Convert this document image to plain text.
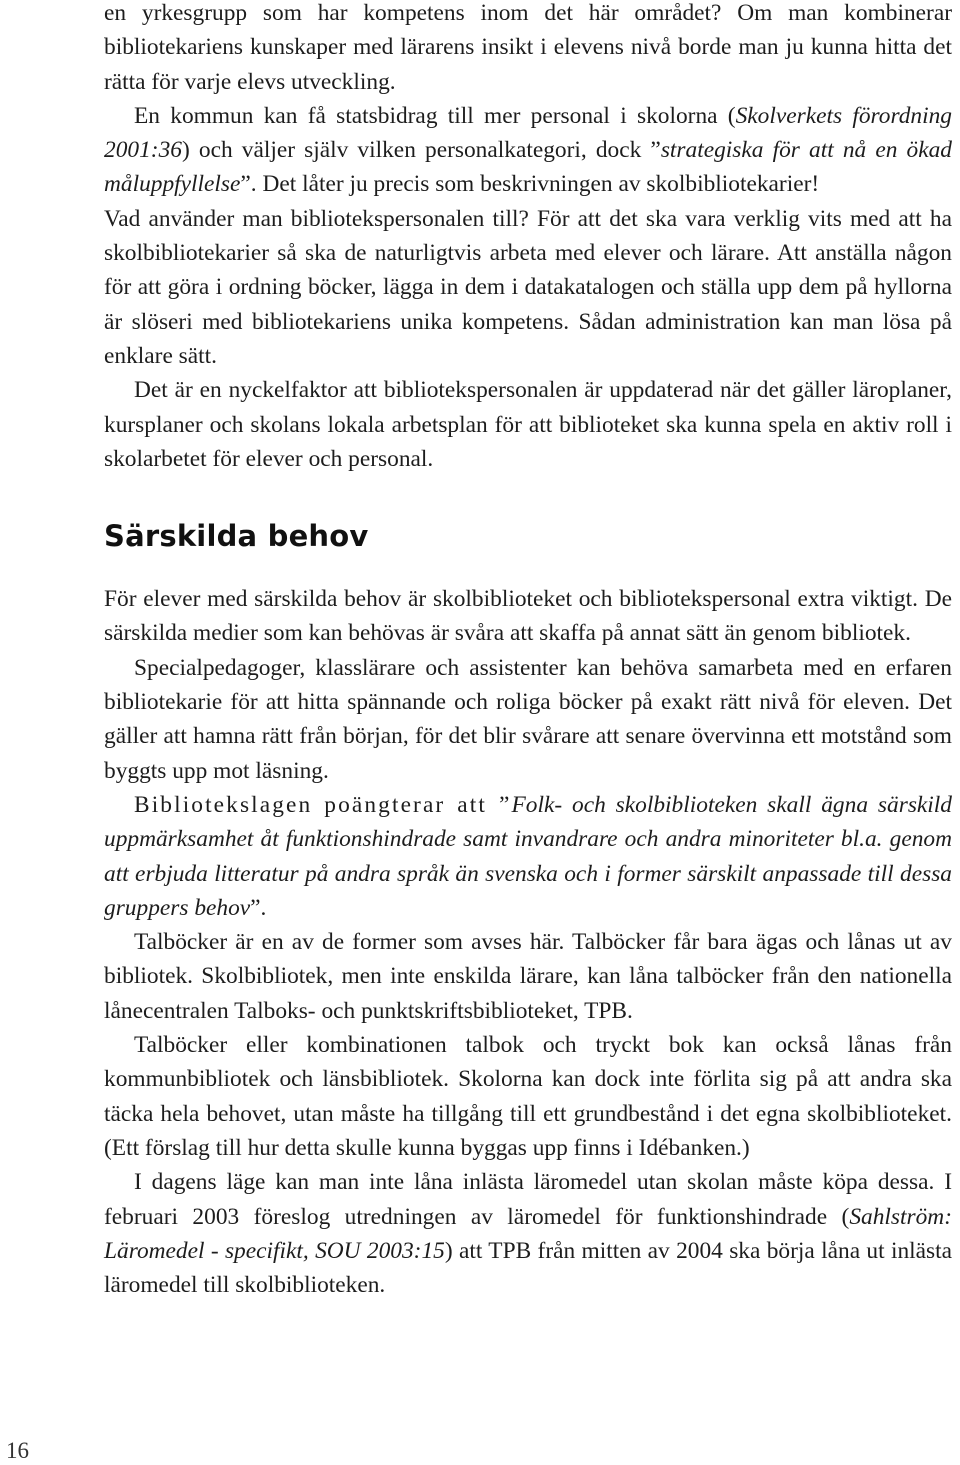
en yrkesgrupp som har kompetens inom det här området? Om man kombinerar bibliotekariens kunskaper med lärarens insikt i elevens nivå borde man ju kunna hitta det rätta för varje elevs utveckling.

En kommun kan få statsbidrag till mer personal i skolorna (Skolverkets förordning 2001:36) och väljer själv vilken personalkategori, dock ”strategiska för att nå en ökad måluppfyllelse”. Det låter ju precis som beskrivningen av skolbibliotekarier!

Vad använder man bibliotekspersonalen till? För att det ska vara verklig vits med att ha skolbibliotekarier så ska de naturligtvis arbeta med elever och lärare. Att anställa någon för att göra i ordning böcker, lägga in dem i datakatalogen och ställa upp dem på hyllorna är slöseri med bibliotekariens unika kompetens. Sådan administration kan man lösa på enklare sätt.

Det är en nyckelfaktor att bibliotekspersonalen är uppdaterad när det gäller läroplaner, kursplaner och skolans lokala arbetsplan för att biblioteket ska kunna spela en aktiv roll i skolarbetet för elever och personal.

Särskilda behov

För elever med särskilda behov är skolbiblioteket och bibliotekspersonal extra viktigt. De särskilda medier som kan behövas är svåra att skaffa på annat sätt än genom bibliotek.

Specialpedagoger, klasslärare och assistenter kan behöva samarbeta med en erfaren bibliotekarie för att hitta spännande och roliga böcker på exakt rätt nivå för eleven. Det gäller att hamna rätt från början, för det blir svårare att senare övervinna ett motstånd som byggts upp mot läsning.

Bibliotekslagen poängterar att ”Folk- och skolbiblioteken skall ägna särskild uppmärksamhet åt funktionshindrade samt invandrare och andra minoriteter bl.a. genom att erbjuda litteratur på andra språk än svenska och i former särskilt anpassade till dessa gruppers behov”.

Talböcker är en av de former som avses här. Talböcker får bara ägas och lånas ut av bibliotek. Skolbibliotek, men inte enskilda lärare, kan låna talböcker från den nationella lånecentralen Talboks- och punktskriftsbiblioteket, TPB.

Talböcker eller kombinationen talbok och tryckt bok kan också lånas från kommunbibliotek och länsbibliotek. Skolorna kan dock inte förlita sig på att andra ska täcka hela behovet, utan måste ha tillgång till ett grundbestånd i det egna skolbiblioteket. (Ett förslag till hur detta skulle kunna byggas upp finns i Idébanken.)

I dagens läge kan man inte låna inlästa läromedel utan skolan måste köpa dessa. I februari 2003 föreslog utredningen av läromedel för funktionshindrade (Sahlström: Läromedel - specifikt, SOU 2003:15) att TPB från mitten av 2004 ska börja låna ut inlästa läromedel till skolbiblioteken.

16
